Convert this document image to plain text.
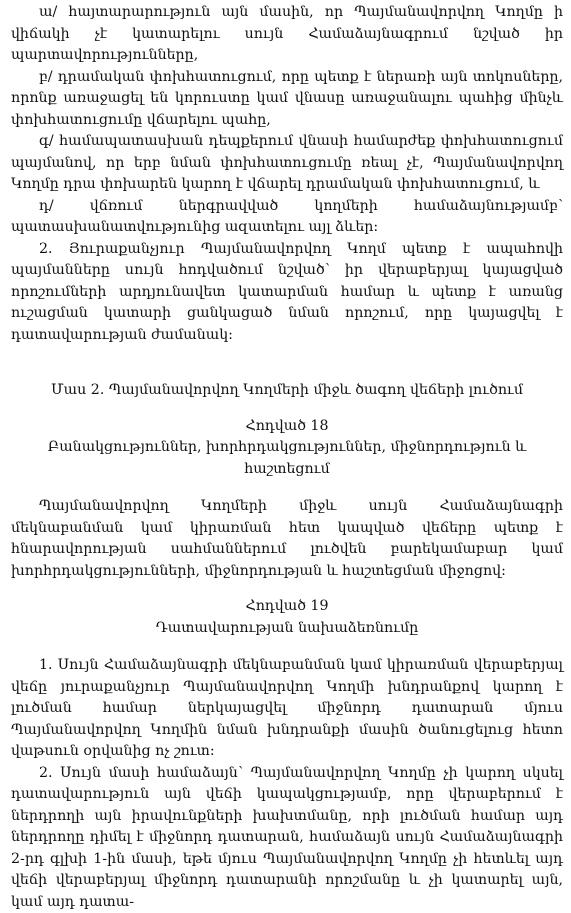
ա/ հայտարարություն այն մասին, որ Պայմանավորվող Կողմը ի վիճակի չէ կատարելու սույն Համաձայնագրում նշված իր պարտավորությունները,

բ/ դրամական փոխհատուցում, որը պետք է ներառի այն տոկոսները, որոնք առաջացել են կորուստը կամ վնասը առաջանալու պահից մինչև փոխհատուցումը վճարելու պահը,

գ/ համապատասխան դեպքերում վնասի համարժեք փոխհատուցում պայմանով, որ երբ նման փոխհատուցումը ռեալ չէ, Պայմանավորվող Կողմը դրա փոխարեն կարող է վճարել դրամական փոխհատուցում, և

դ/ վճռում ներգրավված կողմերի համաձայնությամբ՝ պատասխանատվությունից ազատելու այլ ձևեր:

2. Յուրաքանչյուր Պայմանավորվող Կողմ պետք է ապահովի պայմանները սույն հոդվածում նշված՝ իր վերաբերյալ կայացված որոշումների արդյունավետ կատարման համար և պետք է առանց ուշացման կատարի ցանկացած նման որոշում, որը կայացվել է դատավարության ժամանակ:

Մաս 2. Պայմանավորվող Կողմերի միջև ծագող վեճերի լուծում

Հոդված 18

Բանակցություններ, խորհրդակցություններ, միջնորդություն և հաշտեցում

Պայմանավորվող Կողմերի միջև սույն Համաձայնագրի մեկնաբանման կամ կիրառման հետ կապված վեճերը պետք է հնարավորության սահմաններում լուծվեն բարեկամաբար կամ խորհրդակցությունների, միջնորդության և հաշտեցման միջոցով:

Հոդված 19

Դատավարության նախաձեռնումը

1. Սույն Համաձայնագրի մեկնաբանման կամ կիրառման վերաբերյալ վեճը յուրաքանչյուր Պայմանավորվող Կողմի խնդրանքով կարող է լուծման համար ներկայացվել միջնորդ դատարան մյուս Պայմանավորվող Կողմին նման խնդրանքի մասին ծանուցելուց հետո վաթսուն օրվանից ոչ շուտ:

2. Սույն մասի համաձայն՝ Պայմանավորվող Կողմը չի կարող սկսել դատավարություն այն վեճի կապակցությամբ, որը վերաբերում է ներդրողի այն իրավունքների խախտմանը, որի լուծման համար այդ ներդրողը դիմել է միջնորդ դատարան, համաձայն սույն Համաձայնագրի 2-րդ գլխի 1-ին մասի, եթե մյուս Պայմանավորվող Կողմը չի հետևել այդ վեճի վերաբերյալ միջնորդ դատարանի որոշմանը և չի կատարել այն, կամ այդ դատա-
